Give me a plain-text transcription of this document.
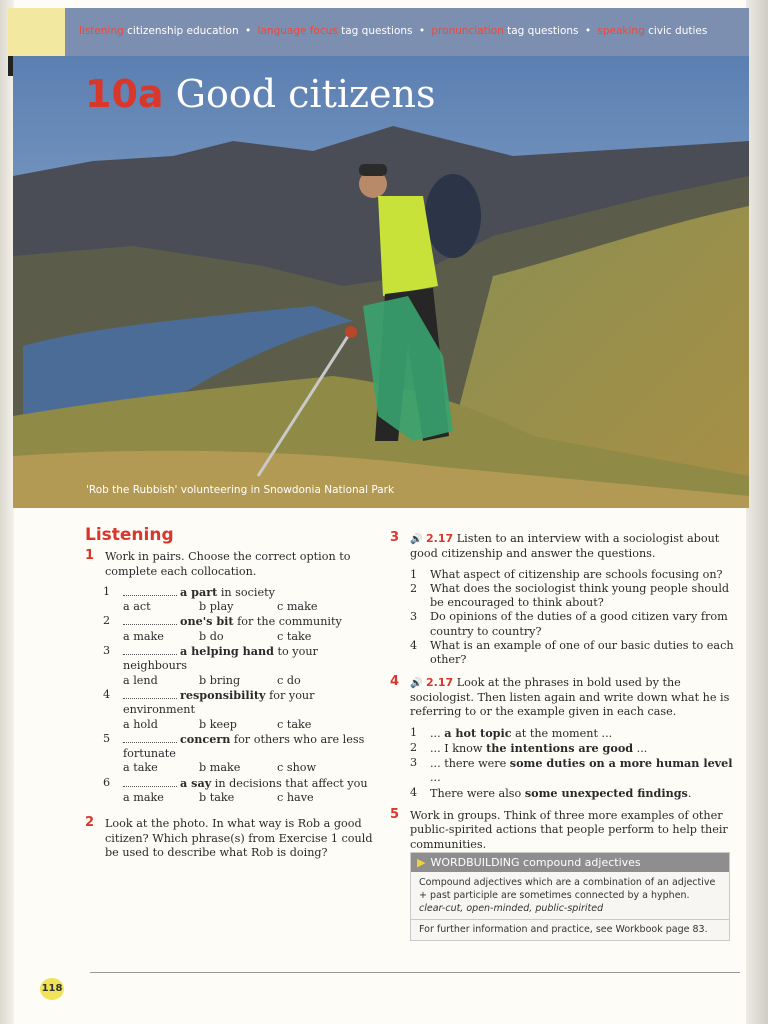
listening citizenship education • language focus tag questions • pronunciation tag questions • speaking civic duties
10a Good citizens
'Rob the Rubbish' volunteering in Snowdonia National Park
Listening
1 Work in pairs. Choose the correct option to complete each collocation.
1	a part in society
a act	b play	c make
2	one's bit for the community
a make	b do	c take
3	a helping hand to your neighbours
a lend	b bring	c do
4	responsibility for your environment
a hold	b keep	c take
5	concern for others who are less fortunate
a take	b make	c show
6	a say in decisions that affect you
a make	b take	c have
2 Look at the photo. In what way is Rob a good citizen? Which phrase(s) from Exercise 1 could be used to describe what Rob is doing?
3 🔊 2.17 Listen to an interview with a sociologist about good citizenship and answer the questions.
1 What aspect of citizenship are schools focusing on?
2 What does the sociologist think young people should be encouraged to think about?
3 Do opinions of the duties of a good citizen vary from country to country?
4 What is an example of one of our basic duties to each other?
4 🔊 2.17 Look at the phrases in bold used by the sociologist. Then listen again and write down what he is referring to or the example given in each case.
1 ... a hot topic at the moment ...
2 ... I know the intentions are good ...
3 ... there were some duties on a more human level ...
4 There were also some unexpected findings.
5 Work in groups. Think of three more examples of other public-spirited actions that people perform to help their communities.
▶ WORDBUILDING compound adjectives
Compound adjectives which are a combination of an adjective + past participle are sometimes connected by a hyphen.
clear-cut, open-minded, public-spirited
For further information and practice, see Workbook page 83.
118
